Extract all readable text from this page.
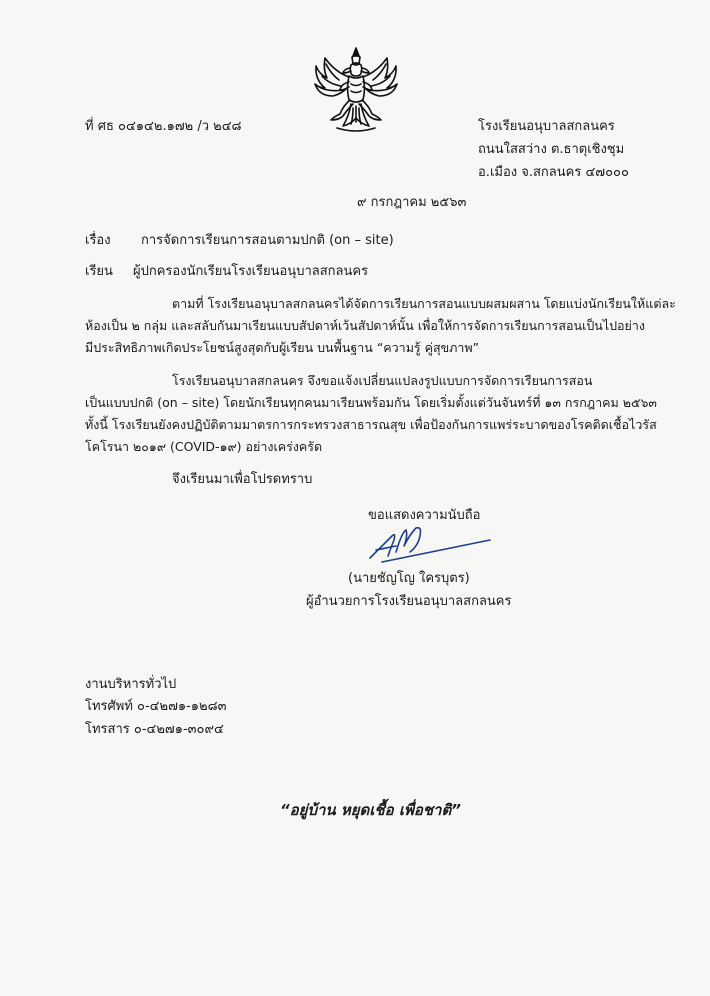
ที่ ศธ ๐๔๑๔๒.๑๗๒ /ว ๒๔๘	โรงเรียนอนุบาลสกลนคร
ถนนใสสว่าง ต.ธาตุเชิงชุม
อ.เมือง จ.สกลนคร ๔๗๐๐๐
๙ กรกฎาคม ๒๕๖๓
เรื่อง การจัดการเรียนการสอนตามปกติ (on – site)
เรียน ผู้ปกครองนักเรียนโรงเรียนอนุบาลสกลนคร
ตามที่ โรงเรียนอนุบาลสกลนครได้จัดการเรียนการสอนแบบผสมผสาน โดยแบ่งนักเรียนให้แต่ละ
ห้องเป็น ๒ กลุ่ม และสลับกันมาเรียนแบบสัปดาห์เว้นสัปดาห์นั้น เพื่อให้การจัดการเรียนการสอนเป็นไปอย่าง
มีประสิทธิภาพเกิดประโยชน์สูงสุดกับผู้เรียน บนพื้นฐาน “ความรู้ คู่สุขภาพ”
โรงเรียนอนุบาลสกลนคร จึงขอแจ้งเปลี่ยนแปลงรูปแบบการจัดการเรียนการสอน
เป็นแบบปกติ (on – site) โดยนักเรียนทุกคนมาเรียนพร้อมกัน โดยเริ่มตั้งแต่วันจันทร์ที่ ๑๓ กรกฎาคม ๒๕๖๓
ทั้งนี้ โรงเรียนยังคงปฏิบัติตามมาตรการกระทรวงสาธารณสุข เพื่อป้องกันการแพร่ระบาดของโรคติดเชื้อไวรัส
โคโรนา ๒๐๑๙ (COVID-๑๙) อย่างเคร่งครัด
จึงเรียนมาเพื่อโปรดทราบ
ขอแสดงความนับถือ
(นายชัญโญ ใครบุตร)
ผู้อำนวยการโรงเรียนอนุบาลสกลนคร
งานบริหารทั่วไป
โทรศัพท์ ๐-๔๒๗๑-๑๒๘๓
โทรสาร ๐-๔๒๗๑-๓๐๙๔
“อยู่บ้าน หยุดเชื้อ เพื่อชาติ”
